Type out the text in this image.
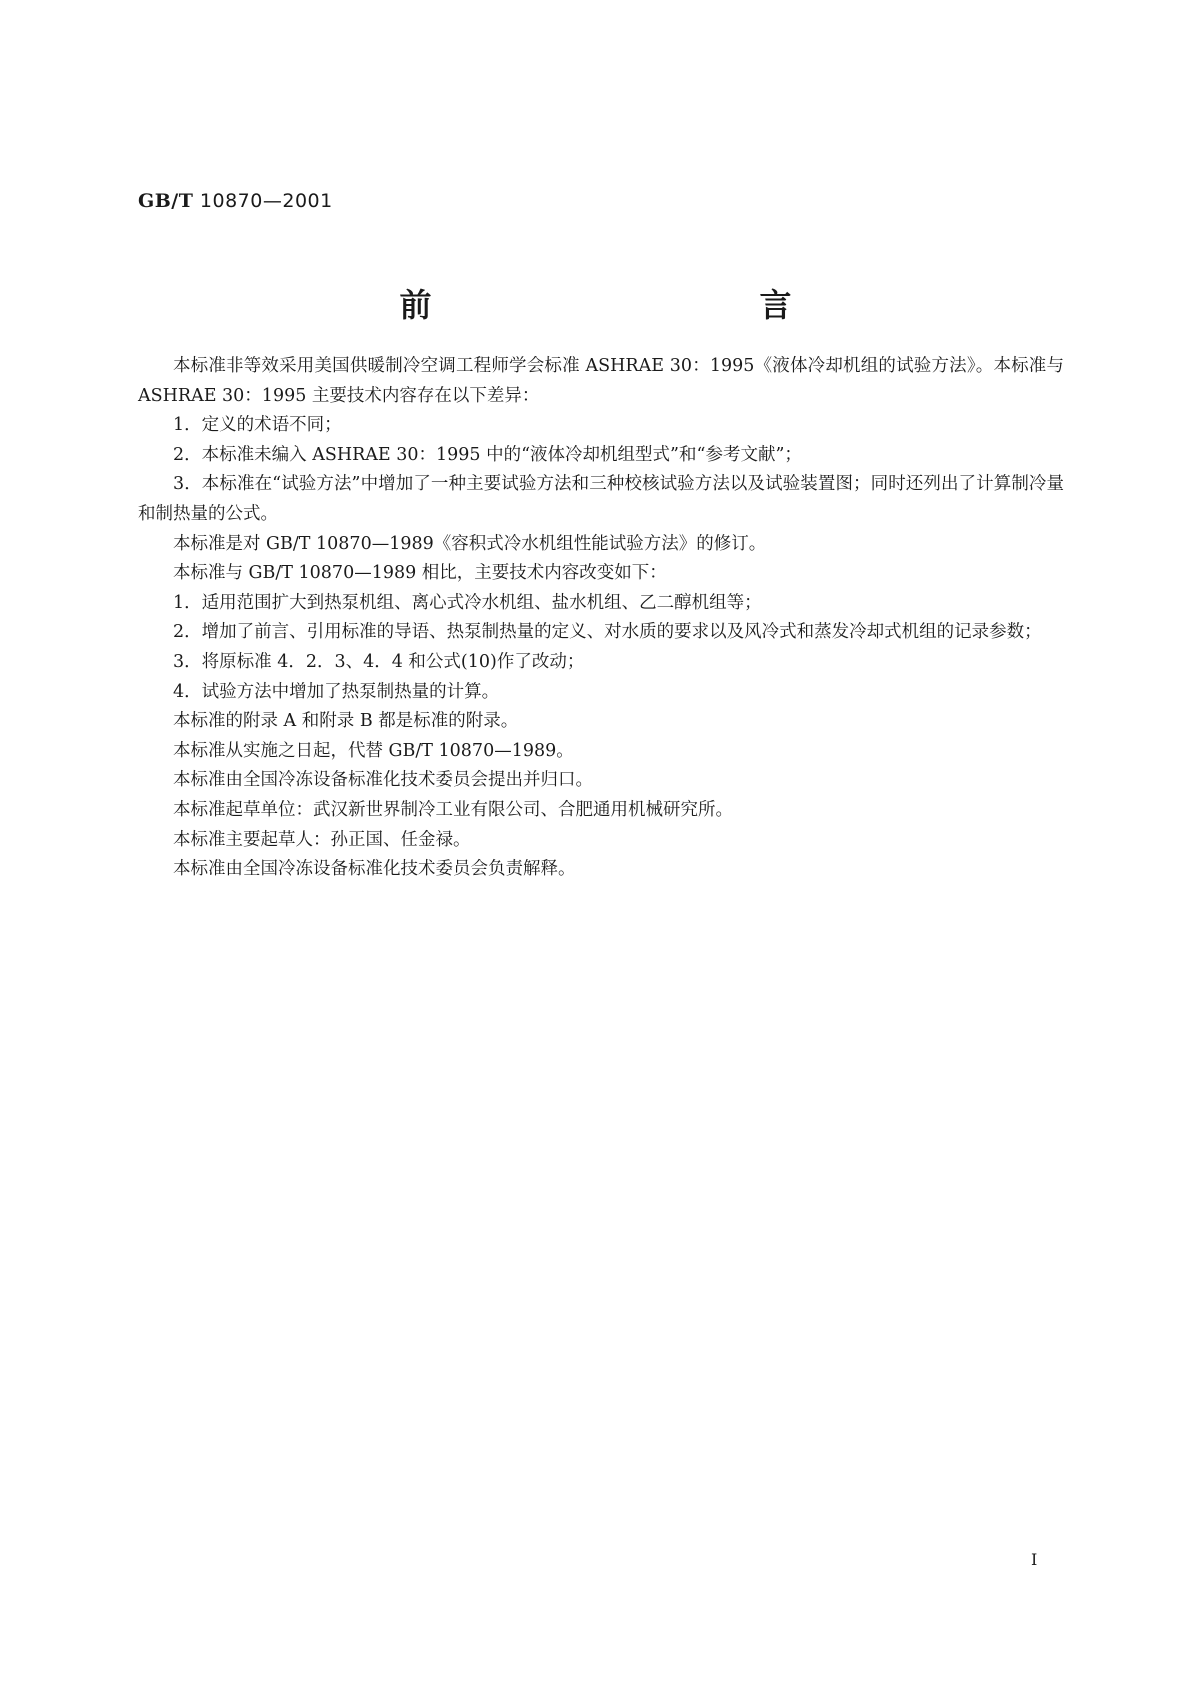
GB/T 10870—2001
前　　言

本标准非等效采用美国供暖制冷空调工程师学会标准 ASHRAE 30：1995《液体冷却机组的试验方法》。本标准与 ASHRAE 30：1995 主要技术内容存在以下差异：

1．定义的术语不同；

2．本标准未编入 ASHRAE 30：1995 中的“液体冷却机组型式”和“参考文献”；

3．本标准在“试验方法”中增加了一种主要试验方法和三种校核试验方法以及试验装置图；同时还列出了计算制冷量和制热量的公式。

本标准是对 GB/T 10870—1989《容积式冷水机组性能试验方法》的修订。

本标准与 GB/T 10870—1989 相比，主要技术内容改变如下：

1．适用范围扩大到热泵机组、离心式冷水机组、盐水机组、乙二醇机组等；

2．增加了前言、引用标准的导语、热泵制热量的定义、对水质的要求以及风冷式和蒸发冷却式机组的记录参数；

3．将原标准 4．2．3、4．4 和公式(10)作了改动；

4．试验方法中增加了热泵制热量的计算。

本标准的附录 A 和附录 B 都是标准的附录。

本标准从实施之日起，代替 GB/T 10870—1989。

本标准由全国冷冻设备标准化技术委员会提出并归口。

本标准起草单位：武汉新世界制冷工业有限公司、合肥通用机械研究所。

本标准主要起草人：孙正国、任金禄。

本标准由全国冷冻设备标准化技术委员会负责解释。

I
